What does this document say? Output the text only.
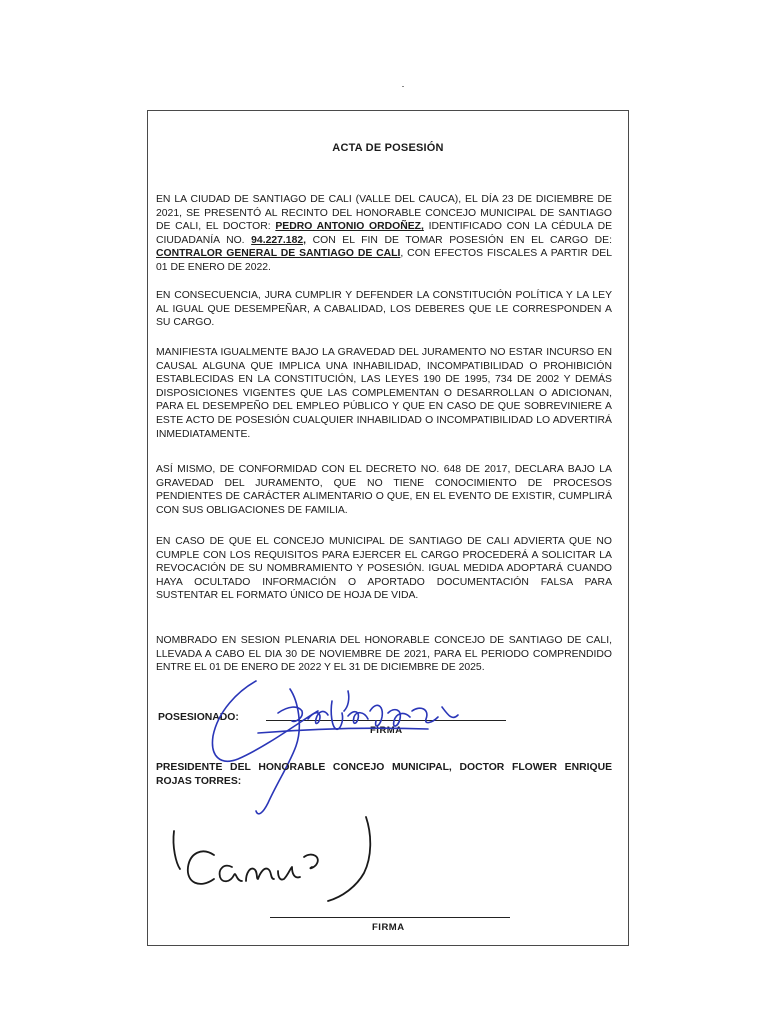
ACTA DE POSESIÓN
EN LA CIUDAD DE SANTIAGO DE CALI (VALLE DEL CAUCA), EL DÍA 23 DE DICIEMBRE DE 2021, SE PRESENTÓ AL RECINTO DEL HONORABLE CONCEJO MUNICIPAL DE SANTIAGO DE CALI, EL DOCTOR: PEDRO ANTONIO ORDOÑEZ, IDENTIFICADO CON LA CÉDULA DE CIUDADANÍA NO. 94.227.182, CON EL FIN DE TOMAR POSESIÓN EN EL CARGO DE: CONTRALOR GENERAL DE SANTIAGO DE CALI, CON EFECTOS FISCALES A PARTIR DEL 01 DE ENERO DE 2022.
EN CONSECUENCIA, JURA CUMPLIR Y DEFENDER LA CONSTITUCIÓN POLÍTICA Y LA LEY AL IGUAL QUE DESEMPEÑAR, A CABALIDAD, LOS DEBERES QUE LE CORRESPONDEN A SU CARGO.
MANIFIESTA IGUALMENTE BAJO LA GRAVEDAD DEL JURAMENTO NO ESTAR INCURSO EN CAUSAL ALGUNA QUE IMPLICA UNA INHABILIDAD, INCOMPATIBILIDAD O PROHIBICIÓN ESTABLECIDAS EN LA CONSTITUCIÓN, LAS LEYES 190 DE 1995, 734 DE 2002 Y DEMÁS DISPOSICIONES VIGENTES QUE LAS COMPLEMENTAN O DESARROLLAN O ADICIONAN, PARA EL DESEMPEÑO DEL EMPLEO PÚBLICO Y QUE EN CASO DE QUE SOBREVINIERE A ESTE ACTO DE POSESIÓN CUALQUIER INHABILIDAD O INCOMPATIBILIDAD LO ADVERTIRÁ INMEDIATAMENTE.
ASÍ MISMO, DE CONFORMIDAD CON EL DECRETO NO. 648 DE 2017, DECLARA BAJO LA GRAVEDAD DEL JURAMENTO, QUE NO TIENE CONOCIMIENTO DE PROCESOS PENDIENTES DE CARÁCTER ALIMENTARIO O QUE, EN EL EVENTO DE EXISTIR, CUMPLIRÁ CON SUS OBLIGACIONES DE FAMILIA.
EN CASO DE QUE EL CONCEJO MUNICIPAL DE SANTIAGO DE CALI ADVIERTA QUE NO CUMPLE CON LOS REQUISITOS PARA EJERCER EL CARGO PROCEDERÁ A SOLICITAR LA REVOCACIÓN DE SU NOMBRAMIENTO Y POSESIÓN. IGUAL MEDIDA ADOPTARÁ CUANDO HAYA OCULTADO INFORMACIÓN O APORTADO DOCUMENTACIÓN FALSA PARA SUSTENTAR EL FORMATO ÚNICO DE HOJA DE VIDA.
NOMBRADO EN SESION PLENARIA DEL HONORABLE CONCEJO DE SANTIAGO DE CALI, LLEVADA A CABO EL DIA 30 DE NOVIEMBRE DE 2021, PARA EL PERIODO COMPRENDIDO ENTRE EL 01 DE ENERO DE 2022 Y EL 31 DE DICIEMBRE DE 2025.
POSESIONADO:
FIRMA
PRESIDENTE DEL HONORABLE CONCEJO MUNICIPAL, DOCTOR FLOWER ENRIQUE ROJAS TORRES:
FIRMA
